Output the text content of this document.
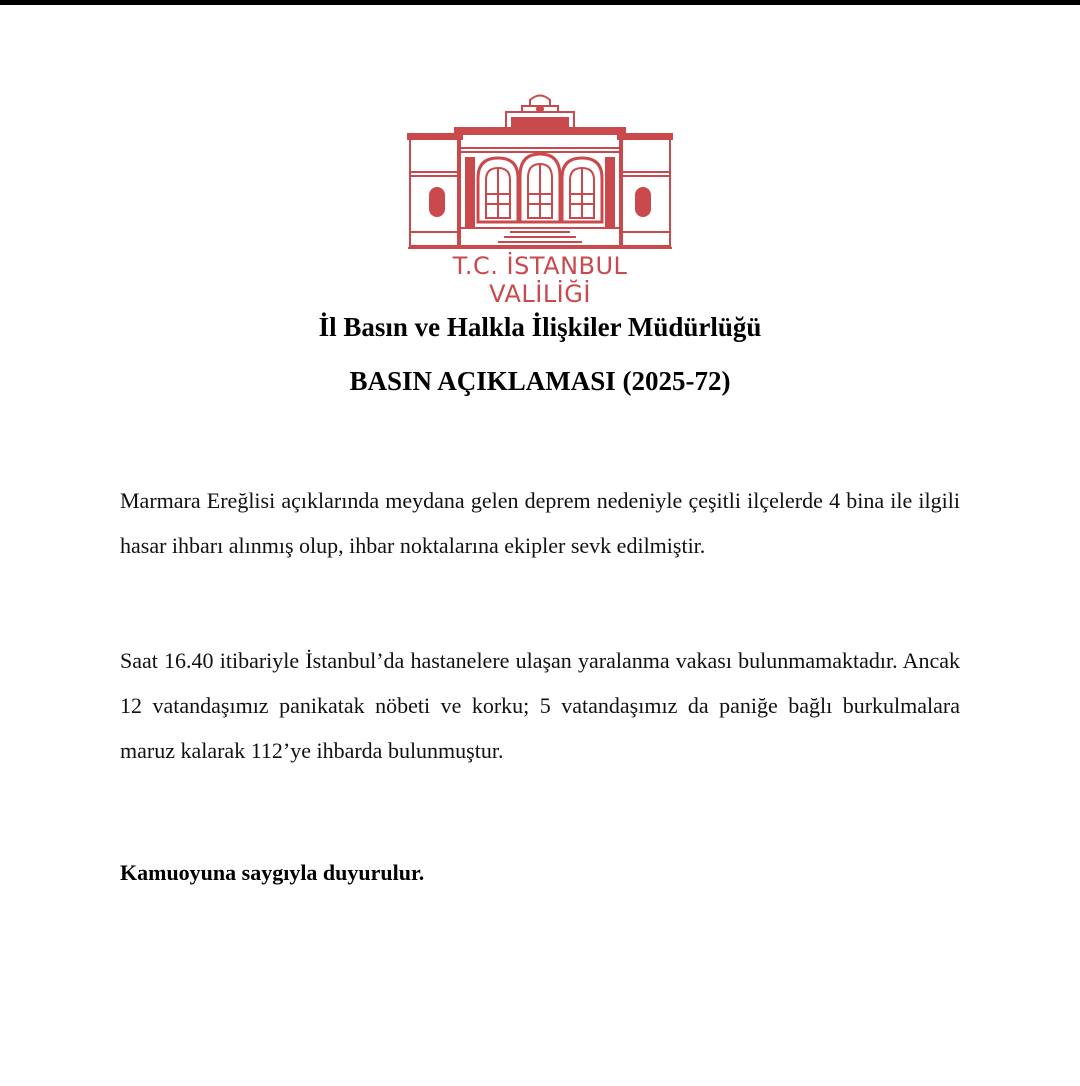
T.C. İSTANBUL VALİLİĞİ
İl Basın ve Halkla İlişkiler Müdürlüğü
BASIN AÇIKLAMASI (2025-72)
Marmara Ereğlisi açıklarında meydana gelen deprem nedeniyle çeşitli ilçelerde 4 bina ile ilgili hasar ihbarı alınmış olup, ihbar noktalarına ekipler sevk edilmiştir.
Saat 16.40 itibariyle İstanbul’da hastanelere ulaşan yaralanma vakası bulunmamaktadır. Ancak 12 vatandaşımız panikatak nöbeti ve korku; 5 vatandaşımız da paniğe bağlı burkulmalara maruz kalarak 112’ye ihbarda bulunmuştur.
Kamuoyuna saygıyla duyurulur.
